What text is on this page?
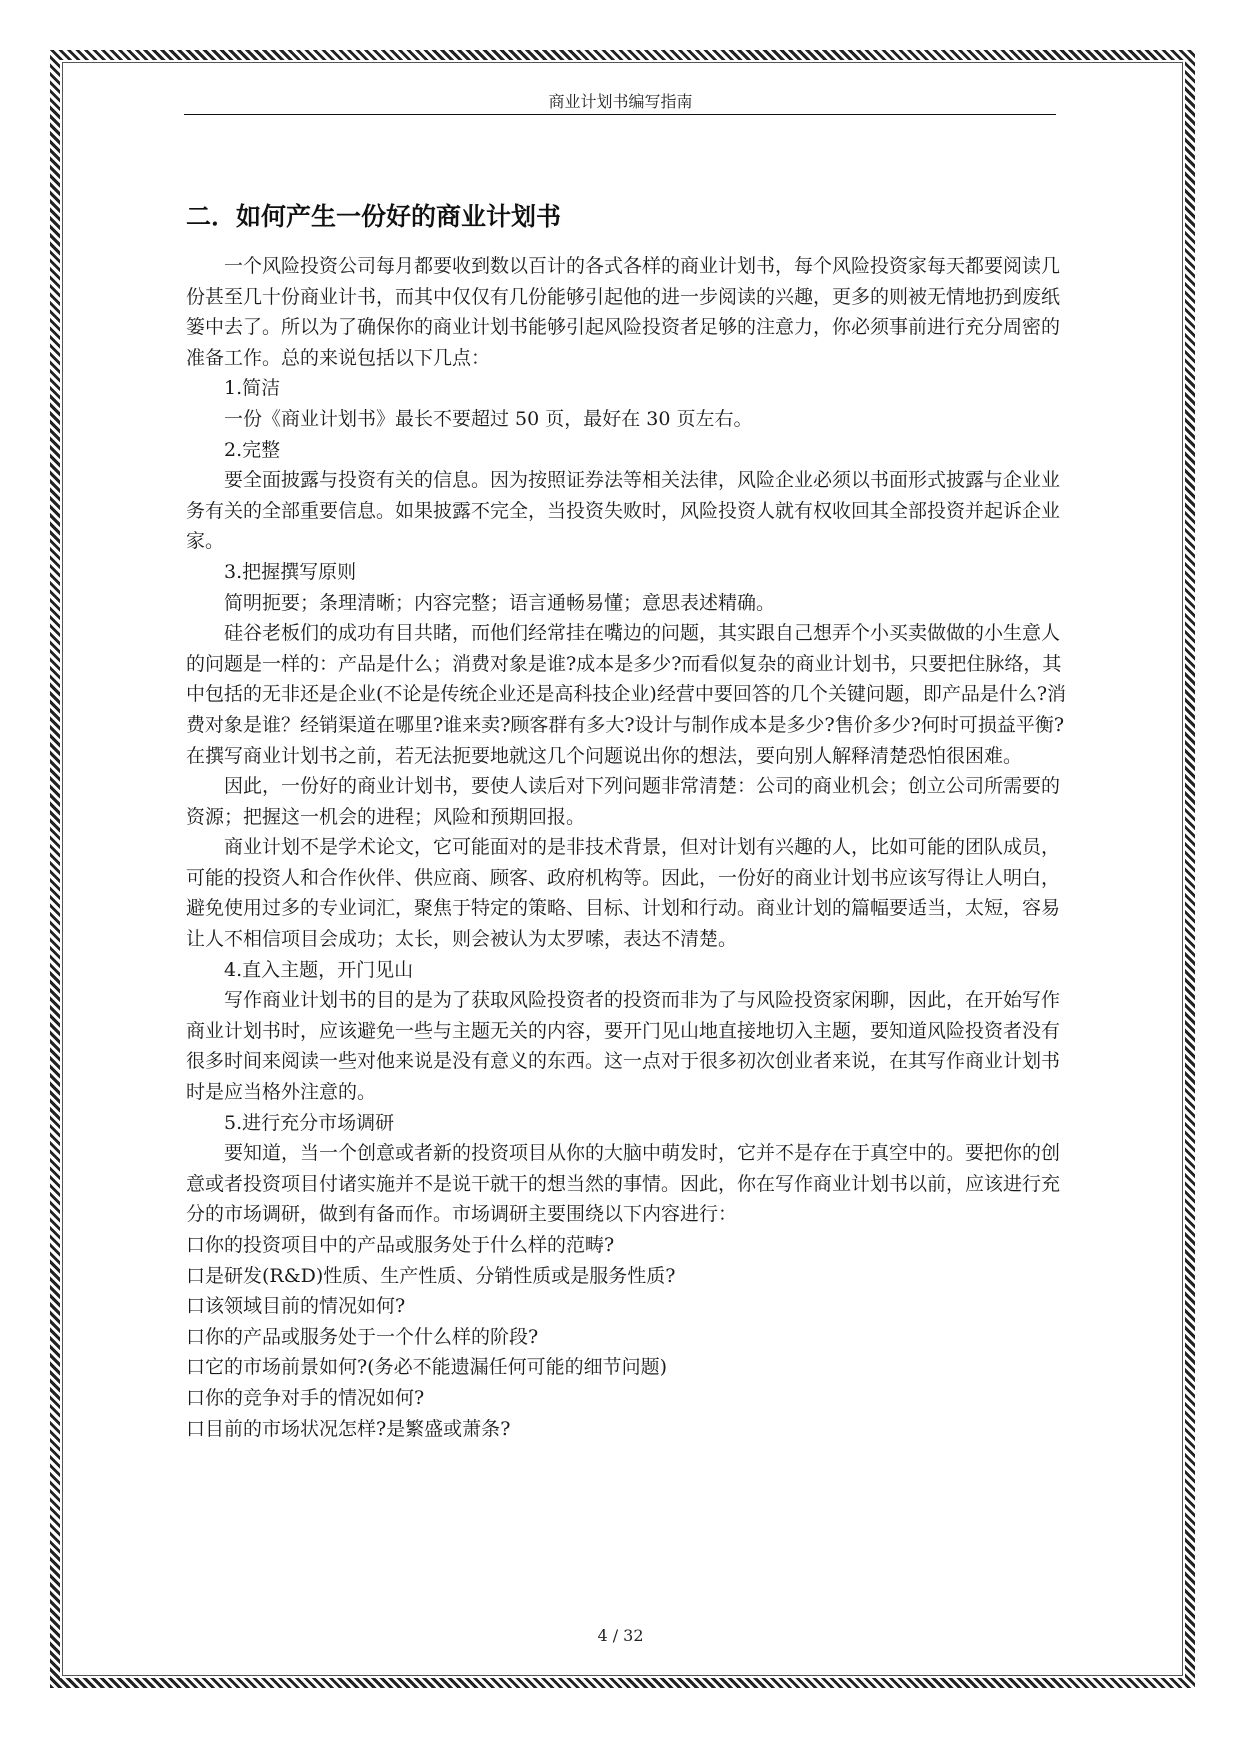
商业计划书编写指南
二．如何产生一份好的商业计划书

一个风险投资公司每月都要收到数以百计的各式各样的商业计划书，每个风险投资家每天都要阅读几份甚至几十份商业计书，而其中仅仅有几份能够引起他的进一步阅读的兴趣，更多的则被无情地扔到废纸篓中去了。所以为了确保你的商业计划书能够引起风险投资者足够的注意力，你必须事前进行充分周密的准备工作。总的来说包括以下几点：

1.简洁

一份《商业计划书》最长不要超过 50 页，最好在 30 页左右。

2.完整

要全面披露与投资有关的信息。因为按照证券法等相关法律，风险企业必须以书面形式披露与企业业务有关的全部重要信息。如果披露不完全，当投资失败时，风险投资人就有权收回其全部投资并起诉企业家。

3.把握撰写原则

简明扼要；条理清晰；内容完整；语言通畅易懂；意思表述精确。

硅谷老板们的成功有目共睹，而他们经常挂在嘴边的问题，其实跟自己想弄个小买卖做做的小生意人的问题是一样的：产品是什么；消费对象是谁?成本是多少?而看似复杂的商业计划书，只要把住脉络，其中包括的无非还是企业(不论是传统企业还是高科技企业)经营中要回答的几个关键问题，即产品是什么?消费对象是谁？经销渠道在哪里?谁来卖?顾客群有多大?设计与制作成本是多少?售价多少?何时可损益平衡?在撰写商业计划书之前，若无法扼要地就这几个问题说出你的想法，要向别人解释清楚恐怕很困难。

因此，一份好的商业计划书，要使人读后对下列问题非常清楚：公司的商业机会；创立公司所需要的资源；把握这一机会的进程；风险和预期回报。

商业计划不是学术论文，它可能面对的是非技术背景，但对计划有兴趣的人，比如可能的团队成员，可能的投资人和合作伙伴、供应商、顾客、政府机构等。因此，一份好的商业计划书应该写得让人明白，避免使用过多的专业词汇，聚焦于特定的策略、目标、计划和行动。商业计划的篇幅要适当，太短，容易让人不相信项目会成功；太长，则会被认为太罗嗦，表达不清楚。

4.直入主题，开门见山

写作商业计划书的目的是为了获取风险投资者的投资而非为了与风险投资家闲聊，因此，在开始写作商业计划书时，应该避免一些与主题无关的内容，要开门见山地直接地切入主题，要知道风险投资者没有很多时间来阅读一些对他来说是没有意义的东西。这一点对于很多初次创业者来说，在其写作商业计划书时是应当格外注意的。

5.进行充分市场调研

要知道，当一个创意或者新的投资项目从你的大脑中萌发时，它并不是存在于真空中的。要把你的创意或者投资项目付诸实施并不是说干就干的想当然的事情。因此，你在写作商业计划书以前，应该进行充分的市场调研，做到有备而作。市场调研主要围绕以下内容进行：

口你的投资项目中的产品或服务处于什么样的范畴?

口是研发(R&D)性质、生产性质、分销性质或是服务性质?

口该领域目前的情况如何?

口你的产品或服务处于一个什么样的阶段?

口它的市场前景如何?(务必不能遗漏任何可能的细节问题)

口你的竞争对手的情况如何?

口目前的市场状况怎样?是繁盛或萧条?

4 / 32
